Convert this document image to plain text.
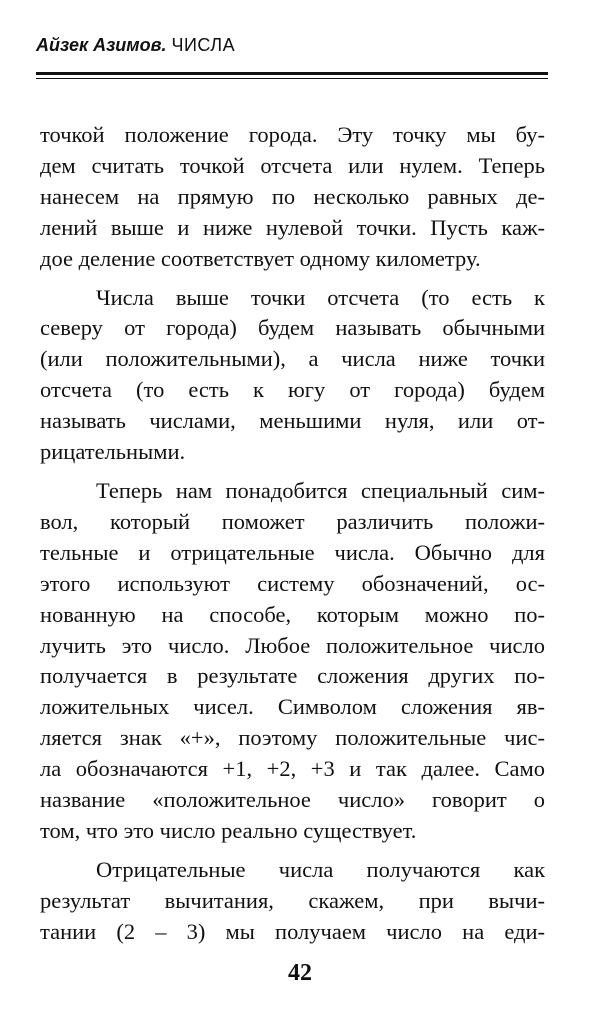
Айзек Азимов. ЧИСЛА
точкой положение города. Эту точку мы бу-
дем считать точкой отсчета или нулем. Теперь
нанесем на прямую по несколько равных де-
лений выше и ниже нулевой точки. Пусть каж-
дое деление соответствует одному километру.
Числа выше точки отсчета (то есть к
северу от города) будем называть обычными
(или положительными), а числа ниже точки
отсчета (то есть к югу от города) будем
называть числами, меньшими нуля, или от-
рицательными.
Теперь нам понадобится специальный сим-
вол, который поможет различить положи-
тельные и отрицательные числа. Обычно для
этого используют систему обозначений, ос-
нованную на способе, которым можно по-
лучить это число. Любое положительное число
получается в результате сложения других по-
ложительных чисел. Символом сложения яв-
ляется знак «+», поэтому положительные чис-
ла обозначаются +1, +2, +3 и так далее. Само
название «положительное число» говорит о
том, что это число реально существует.
Отрицательные числа получаются как
результат вычитания, скажем, при вычи-
тании (2 – 3) мы получаем число на еди-
42
